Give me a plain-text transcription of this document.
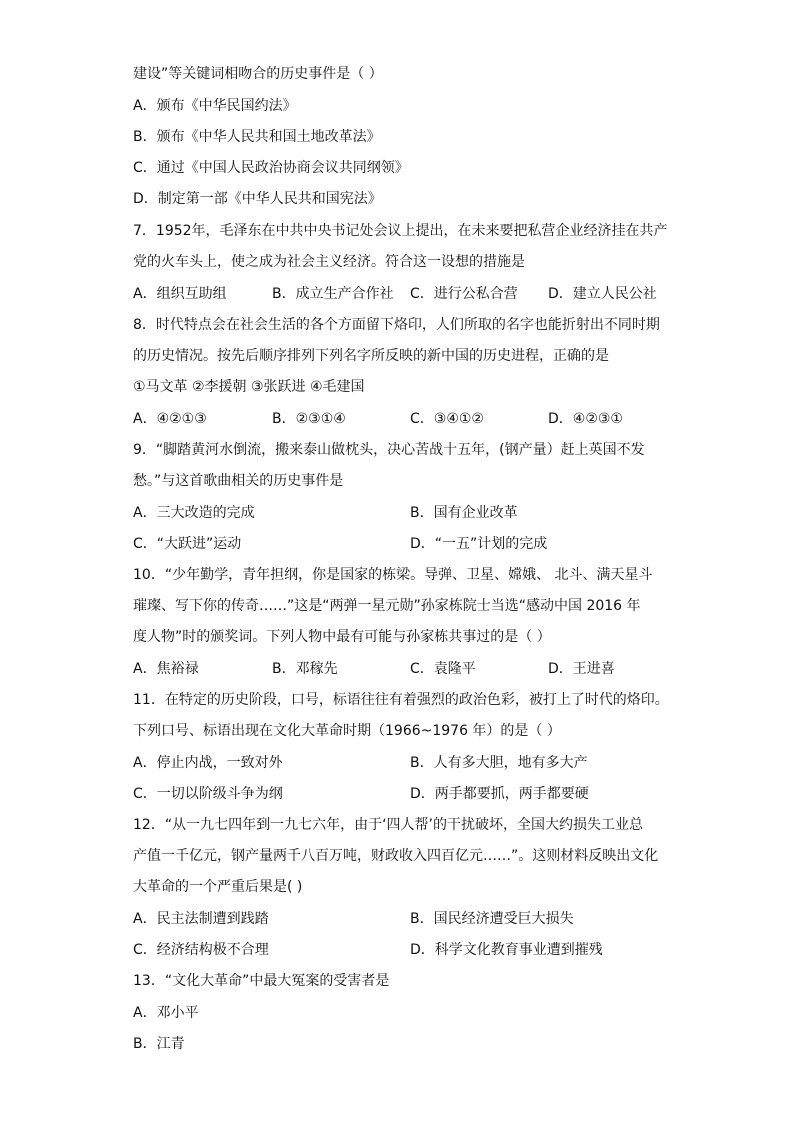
建设”等关键词相吻合的历史事件是（ ）
A．颁布《中华民国约法》
B．颁布《中华人民共和国土地改革法》
C．通过《中国人民政治协商会议共同纲领》
D．制定第一部《中华人民共和国宪法》
7．1952年，毛泽东在中共中央书记处会议上提出，在未来要把私营企业经济挂在共产
党的火车头上，使之成为社会主义经济。符合这一设想的措施是
A．组织互助组	B．成立生产合作社 C．进行公私合营 D．建立人民公社
8．时代特点会在社会生活的各个方面留下烙印，人们所取的名字也能折射出不同时期
的历史情况。按先后顺序排列下列名字所反映的新中国的历史进程，正确的是
①马文革 ②李援朝 ③张跃进 ④毛建国
A．④②①③	B．②③①④	C．③④①②	D．④②③①
9．“脚踏黄河水倒流，搬来泰山做枕头，决心苦战十五年，(钢产量）赶上英国不发
愁。”与这首歌曲相关的历史事件是
A．三大改造的完成	B．国有企业改革
C．“大跃进”运动	D．“一五”计划的完成
10．“少年勤学，青年担纲，你是国家的栋梁。导弹、卫星、嫦娥、 北斗、满天星斗
璀璨、写下你的传奇……”这是“两弹一星元勋”孙家栋院士当选“感动中国 2016 年
度人物”时的颁奖词。下列人物中最有可能与孙家栋共事过的是（ ）
A．焦裕禄	B．邓稼先	C．袁隆平	D．王进喜
11．在特定的历史阶段，口号，标语往往有着强烈的政治色彩，被打上了时代的烙印。
下列口号、标语出现在文化大革命时期（1966~1976 年）的是（ ）
A．停止内战，一致对外	B．人有多大胆，地有多大产
C．一切以阶级斗争为纲	D．两手都要抓，两手都要硬
12．“从一九七四年到一九七六年，由于‘四人帮’的干扰破坏，全国大约损失工业总
产值一千亿元，钢产量两千八百万吨，财政收入四百亿元……”。这则材料反映出文化
大革命的一个严重后果是( )
A．民主法制遭到践踏	B．国民经济遭受巨大损失
C．经济结构极不合理	D．科学文化教育事业遭到摧残
13．“文化大革命”中最大冤案的受害者是
A．邓小平
B．江青
